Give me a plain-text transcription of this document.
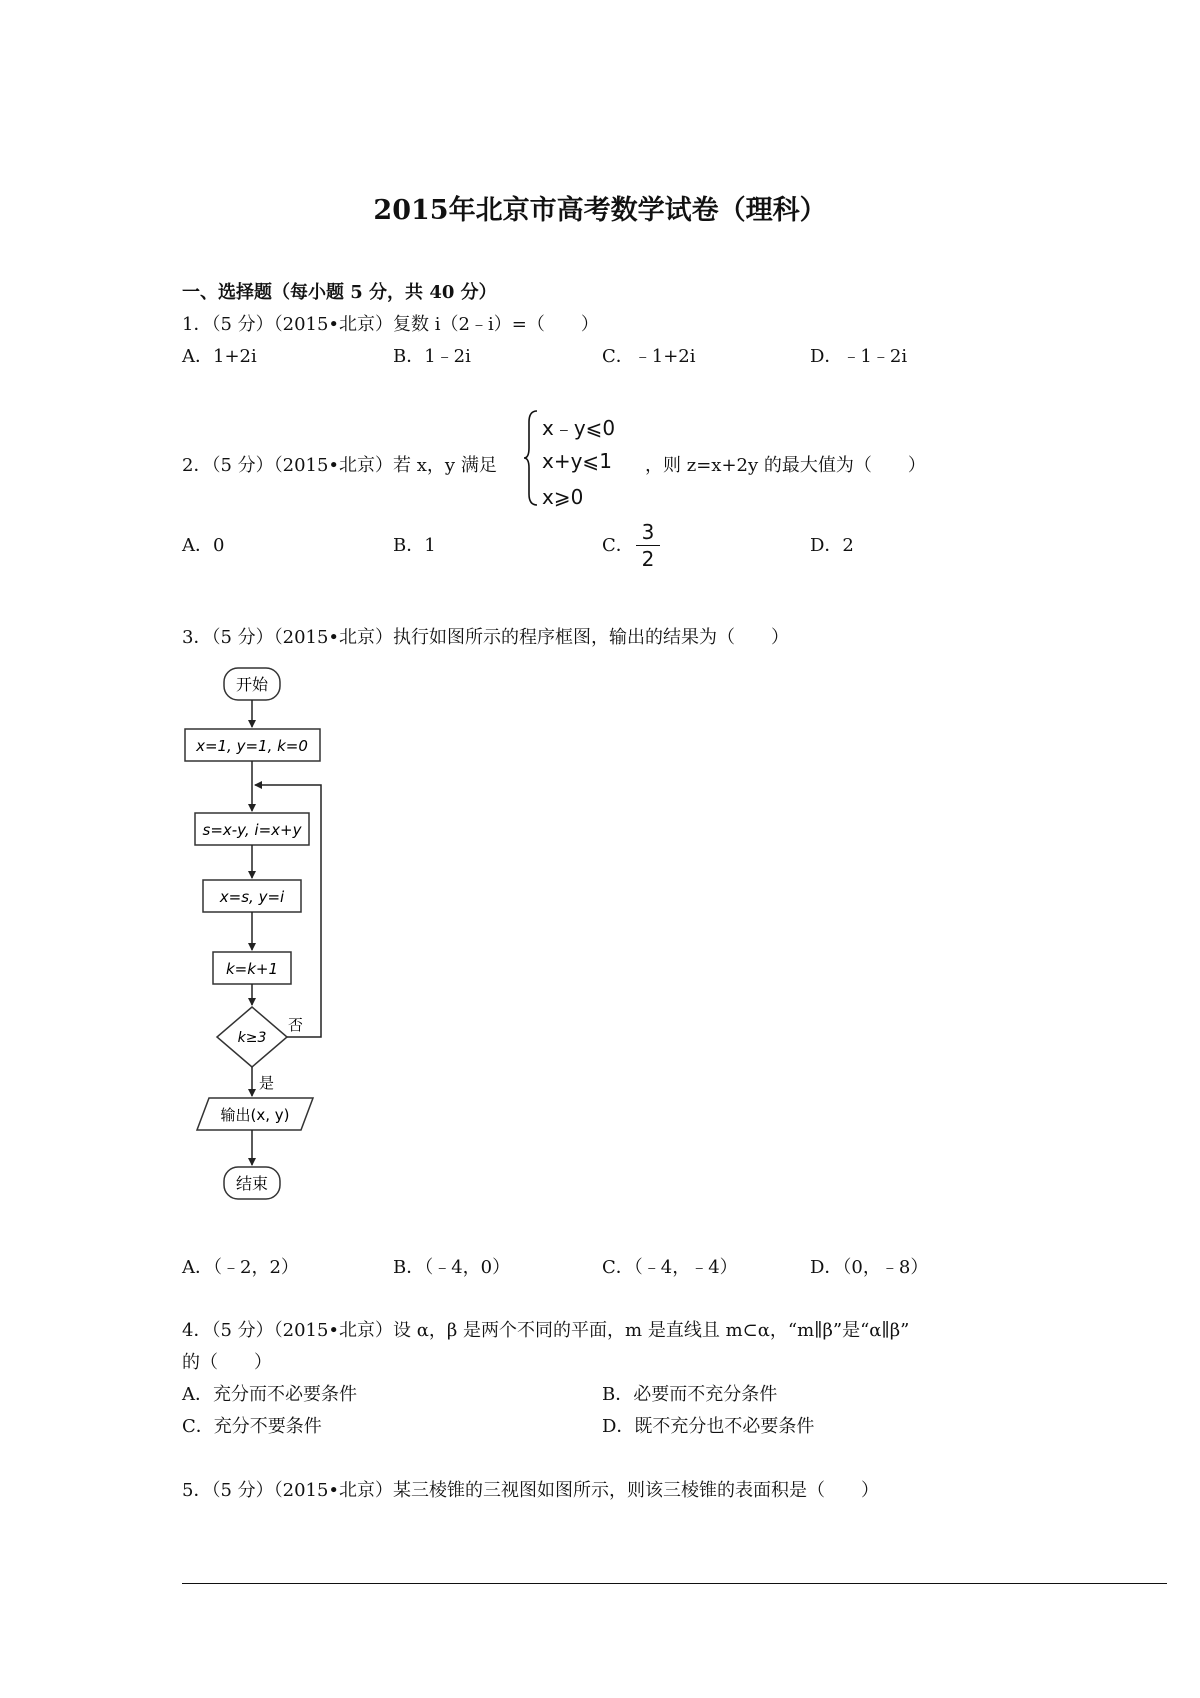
2015年北京市高考数学试卷（理科）
一、选择题（每小题 5 分，共 40 分）
1．（5 分）（2015•北京）复数 i（2﹣i）=（　　）
A．1+2i	B．1﹣2i	C．﹣1+2i	D．﹣1﹣2i
2．（5 分）（2015•北京）若 x，y 满足
x﹣y⩽0
x+y⩽1
x⩾0
，则 z=x+2y 的最大值为（　　）
A．0	B．1	C．
3
2
D．2
3．（5 分）（2015•北京）执行如图所示的程序框图，输出的结果为（　　）
开始
x=1, y=1, k=0
s=x-y, i=x+y
x=s, y=i
k=k+1
k≥3
否
是
输出(x, y)
结束
A．（﹣2，2）	B．（﹣4，0）	C．（﹣4，﹣4）	D．（0，﹣8）
4．（5 分）（2015•北京）设 α，β 是两个不同的平面，m 是直线且 m⊂α，“m∥β”是“α∥β”
的（　　）
A．充分而不必要条件	B．必要而不充分条件
C．充分不要条件	D．既不充分也不必要条件
5．（5 分）（2015•北京）某三棱锥的三视图如图所示，则该三棱锥的表面积是（　　）
